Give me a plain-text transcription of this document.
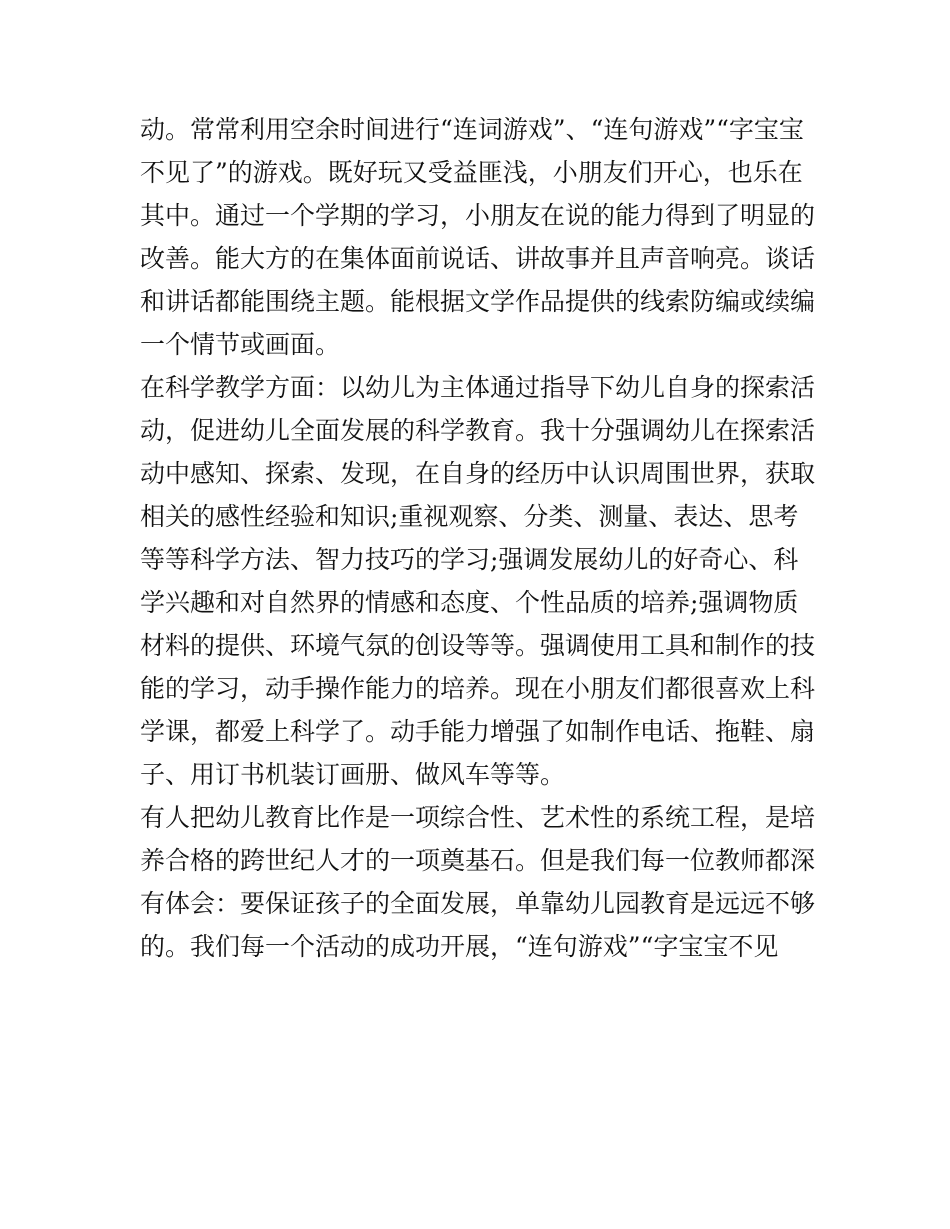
动。常常利用空余时间进行“连词游戏”、“连句游戏”“字宝宝
不见了”的游戏。既好玩又受益匪浅，小朋友们开心，也乐在
其中。通过一个学期的学习，小朋友在说的能力得到了明显的
改善。能大方的在集体面前说话、讲故事并且声音响亮。谈话
和讲话都能围绕主题。能根据文学作品提供的线索防编或续编
一个情节或画面。
在科学教学方面：以幼儿为主体通过指导下幼儿自身的探索活
动，促进幼儿全面发展的科学教育。我十分强调幼儿在探索活
动中感知、探索、发现，在自身的经历中认识周围世界，获取
相关的感性经验和知识;重视观察、分类、测量、表达、思考
等等科学方法、智力技巧的学习;强调发展幼儿的好奇心、科
学兴趣和对自然界的情感和态度、个性品质的培养;强调物质
材料的提供、环境气氛的创设等等。强调使用工具和制作的技
能的学习，动手操作能力的培养。现在小朋友们都很喜欢上科
学课，都爱上科学了。动手能力增强了如制作电话、拖鞋、扇
子、用订书机装订画册、做风车等等。
有人把幼儿教育比作是一项综合性、艺术性的系统工程，是培
养合格的跨世纪人才的一项奠基石。但是我们每一位教师都深
有体会：要保证孩子的全面发展，单靠幼儿园教育是远远不够
的。我们每一个活动的成功开展，“连句游戏”“字宝宝不见
